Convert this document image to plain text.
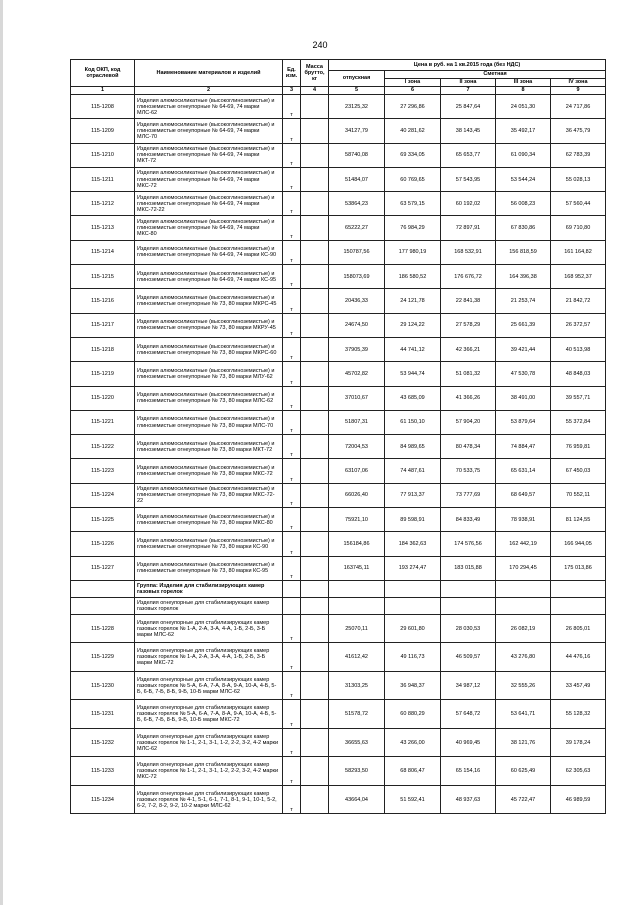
240
Код ОКП, код отраслевой	Наименование материалов и изделий	Ед. изм.	Масса брутто, кг	Цена в руб. на 1 кв.2015 года (без НДС)				
				отпускная	Сметная			
					I зона	II зона	III зона	IV зона
1	2	3	4	5	6	7	8	9
115-1208	Изделия алюмосиликатные (высокоглиноземистые) и глиноземистые огнеупорные № 64-69, 74 марки МЛС-62	т		23125,32	27 296,86	25 847,64	24 051,30	24 717,86
115-1209	Изделия алюмосиликатные (высокоглиноземистые) и глиноземистые огнеупорные № 64-69, 74 марки МЛС-70	т		34127,79	40 281,62	38 143,45	35 492,17	36 475,79
115-1210	Изделия алюмосиликатные (высокоглиноземистые) и глиноземистые огнеупорные № 64-69, 74 марки МКТ-72	т		58740,08	69 334,05	65 653,77	61 090,34	62 783,39
115-1211	Изделия алюмосиликатные (высокоглиноземистые) и глиноземистые огнеупорные № 64-69, 74 марки МКС-72	т		51484,07	60 769,65	57 543,95	53 544,24	55 028,13
115-1212	Изделия алюмосиликатные (высокоглиноземистые) и глиноземистые огнеупорные № 64-69, 74 марки МКС-72-22	т		53864,23	63 579,15	60 192,02	56 008,23	57 560,44
115-1213	Изделия алюмосиликатные (высокоглиноземистые) и глиноземистые огнеупорные № 64-69, 74 марки МКС-80	т		65222,27	76 984,29	72 897,91	67 830,86	69 710,80
115-1214	Изделия алюмосиликатные (высокоглиноземистые) и глиноземистые огнеупорные № 64-69, 74 марки КС-90	т		150787,56	177 980,19	168 532,91	156 818,59	161 164,82
115-1215	Изделия алюмосиликатные (высокоглиноземистые) и глиноземистые огнеупорные № 64-69, 74 марки КС-95	т		158073,69	186 580,52	176 676,72	164 396,38	168 952,37
115-1216	Изделия алюмосиликатные (высокоглиноземистые) и глиноземистые огнеупорные № 73, 80 марки МКРС-45	т		20436,33	24 121,78	22 841,38	21 253,74	21 842,72
115-1217	Изделия алюмосиликатные (высокоглиноземистые) и глиноземистые огнеупорные № 73, 80 марки МКРУ-45	т		24674,50	29 124,22	27 578,29	25 661,39	26 372,57
115-1218	Изделия алюмосиликатные (высокоглиноземистые) и глиноземистые огнеупорные № 73, 80 марки МКРС-60	т		37905,39	44 741,12	42 366,21	39 421,44	40 513,98
115-1219	Изделия алюмосиликатные (высокоглиноземистые) и глиноземистые огнеупорные № 73, 80 марки МЛУ-62	т		45702,82	53 944,74	51 081,32	47 530,78	48 848,03
115-1220	Изделия алюмосиликатные (высокоглиноземистые) и глиноземистые огнеупорные № 73, 80 марки МЛС-62	т		37010,67	43 685,09	41 366,26	38 491,00	39 557,71
115-1221	Изделия алюмосиликатные (высокоглиноземистые) и глиноземистые огнеупорные № 73, 80 марки МЛС-70	т		51807,31	61 150,10	57 904,20	53 879,64	55 372,84
115-1222	Изделия алюмосиликатные (высокоглиноземистые) и глиноземистые огнеупорные № 73, 80 марки МКТ-72	т		72004,53	84 989,65	80 478,34	74 884,47	76 959,81
115-1223	Изделия алюмосиликатные (высокоглиноземистые) и глиноземистые огнеупорные № 73, 80 марки МКС-72	т		63107,06	74 487,61	70 533,75	65 631,14	67 450,03
115-1224	Изделия алюмосиликатные (высокоглиноземистые) и глиноземистые огнеупорные № 73, 80 марки МКС-72-22	т		66026,40	77 913,37	73 777,69	68 649,57	70 552,11
115-1225	Изделия алюмосиликатные (высокоглиноземистые) и глиноземистые огнеупорные № 73, 80 марки МКС-80	т		75921,10	89 598,91	84 833,49	78 938,91	81 124,55
115-1226	Изделия алюмосиликатные (высокоглиноземистые) и глиноземистые огнеупорные № 73, 80 марки КС-90	т		156184,86	184 362,63	174 576,56	162 442,19	166 944,05
115-1227	Изделия алюмосиликатные (высокоглиноземистые) и глиноземистые огнеупорные № 73, 80 марки КС-95	т		163745,11	193 274,47	183 015,88	170 294,45	175 013,86
	Группа: Изделия для стабилизирующих камер газовых горелок							
	Изделия огнеупорные для стабилизирующих камер газовых горелок							
115-1228	Изделия огнеупорные для стабилизирующих камер газовых горелок № 1-А, 2-А, 3-А, 4-А, 1-Б, 2-Б, 3-Б марки МЛС-62	т		25070,11	29 601,80	28 030,53	26 082,19	26 805,01
115-1229	Изделия огнеупорные для стабилизирующих камер газовых горелок № 1-А, 2-А, 3-А, 4-А, 1-Б, 2-Б, 3-Б марки МКС-72	т		41612,42	49 116,73	46 509,57	43 276,80	44 476,16
115-1230	Изделия огнеупорные для стабилизирующих камер газовых горелок № 5-А, 6-А, 7-А, 8-А, 9-А, 10-А, 4-Б, 5-Б, 6-Б, 7-Б, 8-Б, 9-Б, 10-Б марки МЛС-62	т		31303,25	36 948,37	34 987,12	32 555,26	33 457,49
115-1231	Изделия огнеупорные для стабилизирующих камер газовых горелок № 5-А, 6-А, 7-А, 8-А, 9-А, 10-А, 4-Б, 5-Б, 6-Б, 7-Б, 8-Б, 9-Б, 10-Б марки МКС-72	т		51578,72	60 880,29	57 648,72	53 641,71	55 128,32
115-1232	Изделия огнеупорные для стабилизирующих камер газовых горелок № 1-1, 2-1, 3-1, 1-2, 2-2, 3-2, 4-2 марки МЛС-62	т		36655,63	43 266,00	40 969,45	38 121,76	39 178,24
115-1233	Изделия огнеупорные для стабилизирующих камер газовых горелок № 1-1, 2-1, 3-1, 1-2, 2-2, 3-2, 4-2 марки МКС-72	т		58293,50	68 806,47	65 154,16	60 625,49	62 305,63
115-1234	Изделия огнеупорные для стабилизирующих камер газовых горелок № 4-1, 5-1, 6-1, 7-1, 8-1, 9-1, 10-1, 5-2, 6-2, 7-2, 8-2, 9-2, 10-2 марки МЛС-62	т		43664,04	51 592,41	48 937,63	45 722,47	46 989,59
